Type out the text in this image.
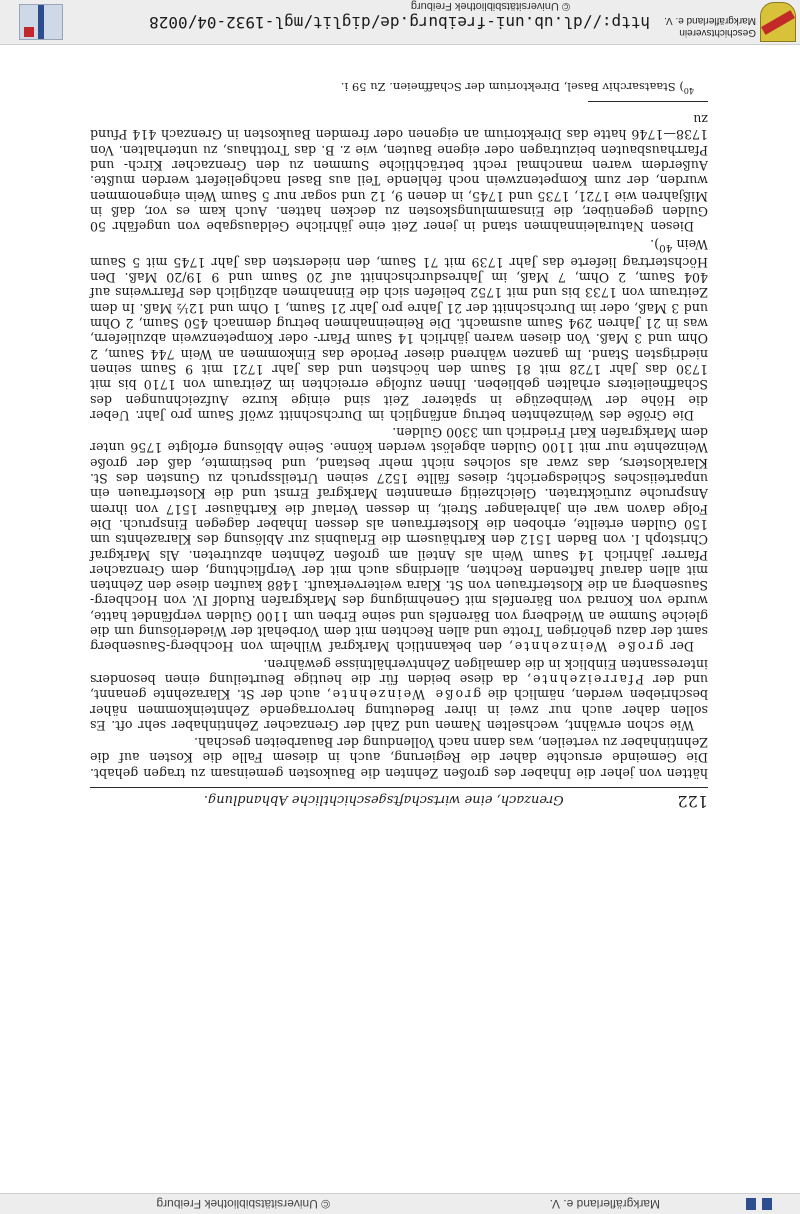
http://dl.ub.uni-freiburg.de/diglit/mgl-1932-04/0028
© Universitätsbibliothek Freiburg
Geschichtsverein
Markgräflerland e. V.
122
Grenzach, eine wirtschaftsgeschichtliche Abhandlung.

hätten von jeher die Inhaber des großen Zehnten die Baukosten gemeinsam zu tragen gehabt. Die Gemeinde ersuchte daher die Regierung, auch in diesem Falle die Kosten auf die Zehntinhaber zu verteilen, was dann nach Vollendung der Bauarbeiten geschah.

Wie schon erwähnt, wechselten Namen und Zahl der Grenzacher Zehntinhaber sehr oft. Es sollen daher auch nur zwei in ihrer Bedeutung hervorragende Zehnteinkommen näher beschrieben werden, nämlich die große Weinzehnte, auch der St. Klarazehnte genannt, und der Pfarreizehnte, da diese beiden für die heutige Beurteilung einen besonders interessanten Einblick in die damaligen Zehntverhältnisse gewähren.

Der große Weinzehnte, den bekanntlich Markgraf Wilhelm von Hochberg-Sausenberg samt der dazu gehörigen Trotte und allen Rechten mit dem Vorbehalt der Wiederlösung um die gleiche Summe an Wiedberg von Bärenfels und seine Erben um 1100 Gulden verpfändet hatte, wurde von Konrad von Bärenfels mit Genehmigung des Markgrafen Rudolf IV. von Hochberg-Sausenberg an die Klosterfrauen von St. Klara weiterverkauft. 1488 kauften diese den Zehnten mit allen darauf haftenden Rechten, allerdings auch mit der Verpflichtung, dem Grenzacher Pfarrer jährlich 14 Saum Wein als Anteil am großen Zehnten abzutreten. Als Markgraf Christoph I. von Baden 1512 den Karthäusern die Erlaubnis zur Ablösung des Klarazehnts um 150 Gulden erteilte, erhoben die Klosterfrauen als dessen Inhaber dagegen Einspruch. Die Folge davon war ein jahrelanger Streit, in dessen Verlauf die Karthäuser 1517 von ihrem Anspruche zurücktraten. Gleichzeitig ernannten Markgraf Ernst und die Klosterfrauen ein unparteiisches Schiedsgericht; dieses fällte 1527 seinen Urteilsspruch zu Gunsten des St. Klaraklosters, das zwar als solches nicht mehr bestand, und bestimmte, daß der große Weinzehnte nur mit 1100 Gulden abgelöst werden könne. Seine Ablösung erfolgte 1756 unter dem Markgrafen Karl Friedrich um 3300 Gulden.

Die Größe des Weinzehnten betrug anfänglich im Durchschnitt zwölf Saum pro Jahr. Ueber die Höhe der Weinbezüge in späterer Zeit sind einige kurze Aufzeichnungen des Schaffneileiters erhalten geblieben. Ihnen zufolge erreichten im Zeitraum von 1710 bis mit 1730 das Jahr 1728 mit 81 Saum den höchsten und das Jahr 1721 mit 9 Saum seinen niedrigsten Stand. Im ganzen während dieser Periode das Einkommen an Wein 744 Saum, 2 Ohm und 3 Maß. Von diesen waren jährlich 14 Saum Pfarr- oder Kompetenzwein abzuliefern, was in 21 Jahren 294 Saum ausmacht. Die Reineinnahmen betrug demnach 450 Saum, 2 Ohm und 3 Maß, oder im Durchschnitt der 21 Jahre pro Jahr 21 Saum, 1 Ohm und 12½ Maß. In dem Zeitraum von 1733 bis und mit 1752 beliefen sich die Einnahmen abzüglich des Pfarrweins auf 404 Saum, 2 Ohm, 7 Maß, im Jahresdurchschnitt auf 20 Saum und 9 19/20 Maß. Den Höchstertrag lieferte das Jahr 1739 mit 71 Saum, den niedersten das Jahr 1745 mit 5 Saum Wein $^{40}$).

Diesen Naturaleinnahmen stand in jener Zeit eine jährliche Geldausgabe von ungefähr 50 Gulden gegenüber, die Einsammlungskosten zu decken hatten. Auch kam es vor, daß in Mißjahren wie 1721, 1735 und 1745, in denen 9, 12 und sogar nur 5 Saum Wein eingenommen wurden, der zum Kompetenzwein noch fehlende Teil aus Basel nachgeliefert werden mußte. Außerdem waren manchmal recht beträchtliche Summen zu den Grenzacher Kirch- und Pfarrhausbauten beizutragen oder eigene Bauten, wie z. B. das Trotthaus, zu unterhalten. Von 1738—1746 hatte das Direktorium an eigenen oder fremden Baukosten in Grenzach 414 Pfund zu

$^{40}$) Staatsarchiv Basel, Direktorium der Schaffneien. Zu 59 i.

© Universitätsbibliothek Freiburg	Markgräflerland e. V.
